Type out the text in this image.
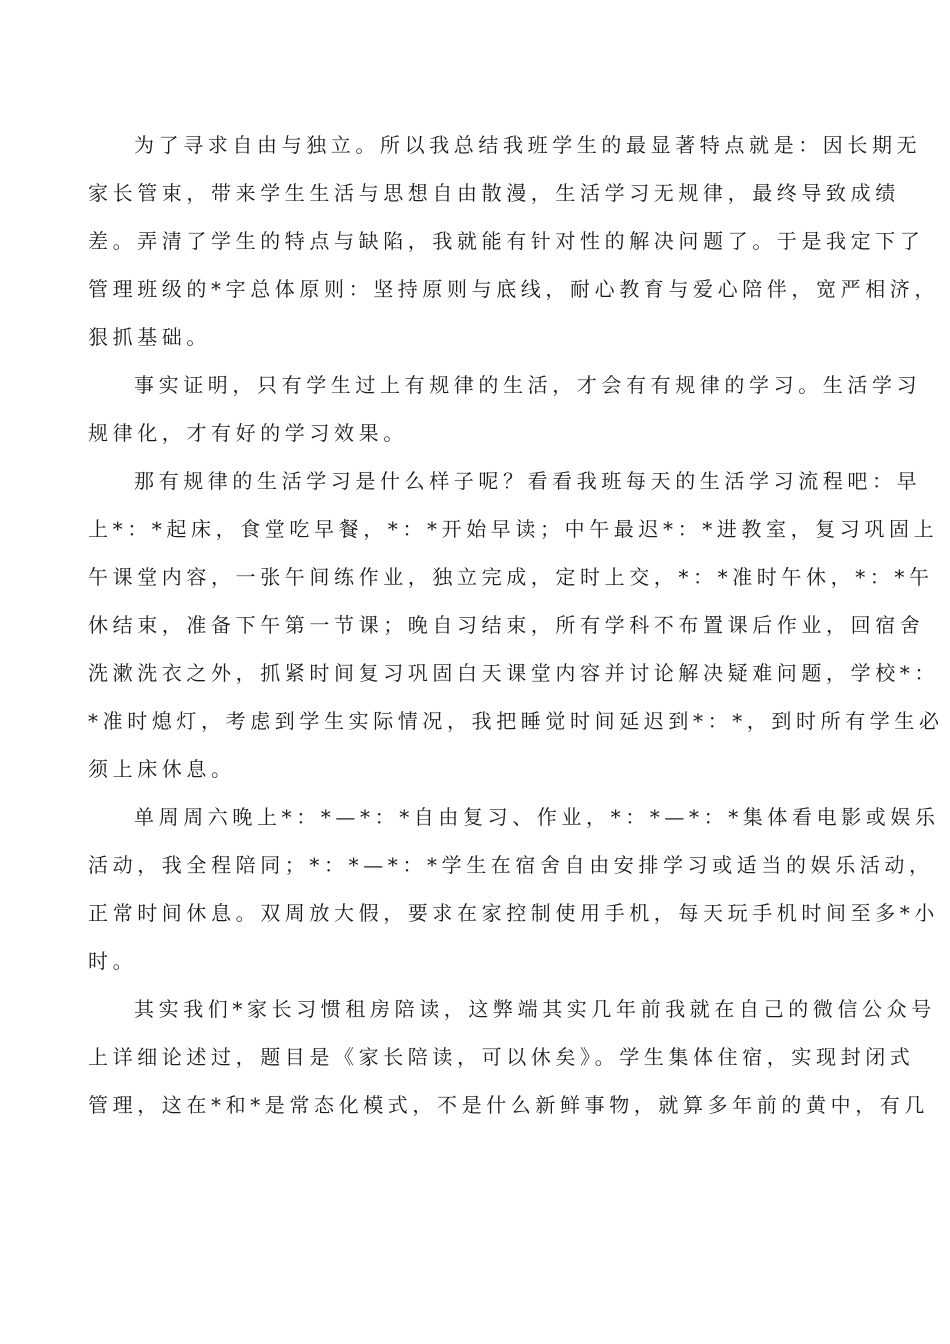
为了寻求自由与独立。所以我总结我班学生的最显著特点就是：因长期无
家长管束，带来学生生活与思想自由散漫，生活学习无规律，最终导致成绩
差。弄清了学生的特点与缺陷，我就能有针对性的解决问题了。于是我定下了
管理班级的*字总体原则：坚持原则与底线，耐心教育与爱心陪伴，宽严相济，
狠抓基础。
事实证明，只有学生过上有规律的生活，才会有有规律的学习。生活学习
规律化，才有好的学习效果。
那有规律的生活学习是什么样子呢？看看我班每天的生活学习流程吧：早
上*：*起床，食堂吃早餐，*：*开始早读；中午最迟*：*进教室，复习巩固上
午课堂内容，一张午间练作业，独立完成，定时上交，*：*准时午休，*：*午
休结束，准备下午第一节课；晚自习结束，所有学科不布置课后作业，回宿舍
洗漱洗衣之外，抓紧时间复习巩固白天课堂内容并讨论解决疑难问题，学校*：
*准时熄灯，考虑到学生实际情况，我把睡觉时间延迟到*：*，到时所有学生必
须上床休息。
单周周六晚上*：*—*：*自由复习、作业，*：*—*：*集体看电影或娱乐
活动，我全程陪同；*：*—*：*学生在宿舍自由安排学习或适当的娱乐活动，
正常时间休息。双周放大假，要求在家控制使用手机，每天玩手机时间至多*小
时。
其实我们*家长习惯租房陪读，这弊端其实几年前我就在自己的微信公众号
上详细论述过，题目是《家长陪读，可以休矣》。学生集体住宿，实现封闭式
管理，这在*和*是常态化模式，不是什么新鲜事物，就算多年前的黄中，有几
